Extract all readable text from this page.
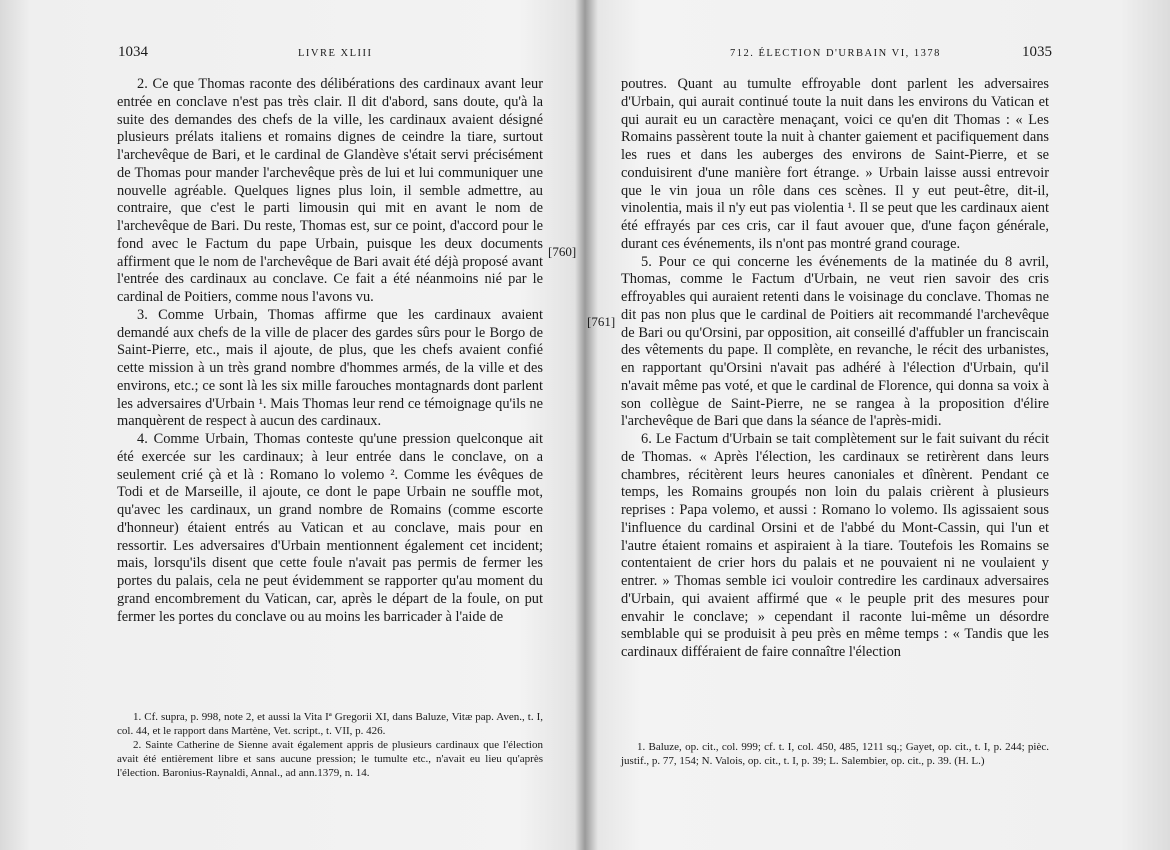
1034	LIVRE XLIII

2. Ce que Thomas raconte des délibérations des cardinaux avant leur entrée en conclave n'est pas très clair. Il dit d'abord, sans doute, qu'à la suite des demandes des chefs de la ville, les cardinaux avaient désigné plusieurs prélats italiens et romains dignes de ceindre la tiare, surtout l'archevêque de Bari, et le cardinal de Glandève s'était servi précisément de Thomas pour mander l'archevêque près de lui et lui communiquer une nouvelle agréable. Quelques lignes plus loin, il semble admettre, au contraire, que c'est le parti limousin qui mit en avant le nom de l'archevêque de Bari. Du reste, Thomas est, sur ce point, d'accord pour le fond avec le Factum du pape Urbain, puisque les deux documents affirment que le nom de l'archevêque de Bari avait été déjà proposé avant l'entrée des cardinaux au conclave. Ce fait a été néanmoins nié par le cardinal de Poitiers, comme nous l'avons vu.

3. Comme Urbain, Thomas affirme que les cardinaux avaient demandé aux chefs de la ville de placer des gardes sûrs pour le Borgo de Saint-Pierre, etc., mais il ajoute, de plus, que les chefs avaient confié cette mission à un très grand nombre d'hommes armés, de la ville et des environs, etc.; ce sont là les six mille farouches montagnards dont parlent les adversaires d'Urbain ¹. Mais Thomas leur rend ce témoignage qu'ils ne manquèrent de respect à aucun des cardinaux.

4. Comme Urbain, Thomas conteste qu'une pression quelconque ait été exercée sur les cardinaux; à leur entrée dans le conclave, on a seulement crié çà et là : Romano lo volemo ². Comme les évêques de Todi et de Marseille, il ajoute, ce dont le pape Urbain ne souffle mot, qu'avec les cardinaux, un grand nombre de Romains (comme escorte d'honneur) étaient entrés au Vatican et au conclave, mais pour en ressortir. Les adversaires d'Urbain mentionnent également cet incident; mais, lorsqu'ils disent que cette foule n'avait pas permis de fermer les portes du palais, cela ne peut évidemment se rapporter qu'au moment du grand encombrement du Vatican, car, après le départ de la foule, on put fermer les portes du conclave ou au moins les barricader à l'aide de

[760]

1. Cf. supra, p. 998, note 2, et aussi la Vita Iª Gregorii XI, dans Baluze, Vitæ pap. Aven., t. I, col. 44, et le rapport dans Martène, Vet. script., t. VII, p. 426.

2. Sainte Catherine de Sienne avait également appris de plusieurs cardinaux que l'élection avait été entièrement libre et sans aucune pression; le tumulte etc., n'avait eu lieu qu'après l'élection. Baronius-Raynaldi, Annal., ad ann.1379, n. 14.

712. ÉLECTION D'URBAIN VI, 1378	1035

poutres. Quant au tumulte effroyable dont parlent les adversaires d'Urbain, qui aurait continué toute la nuit dans les environs du Vatican et qui aurait eu un caractère menaçant, voici ce qu'en dit Thomas : « Les Romains passèrent toute la nuit à chanter gaiement et pacifiquement dans les rues et dans les auberges des environs de Saint-Pierre, et se conduisirent d'une manière fort étrange. » Urbain laisse aussi entrevoir que le vin joua un rôle dans ces scènes. Il y eut peut-être, dit-il, vinolentia, mais il n'y eut pas violentia ¹. Il se peut que les cardinaux aient été effrayés par ces cris, car il faut avouer que, d'une façon générale, durant ces événements, ils n'ont pas montré grand courage.

5. Pour ce qui concerne les événements de la matinée du 8 avril, Thomas, comme le Factum d'Urbain, ne veut rien savoir des cris effroyables qui auraient retenti dans le voisinage du conclave. Thomas ne dit pas non plus que le cardinal de Poitiers ait recommandé l'archevêque de Bari ou qu'Orsini, par opposition, ait conseillé d'affubler un franciscain des vêtements du pape. Il complète, en revanche, le récit des urbanistes, en rapportant qu'Orsini n'avait pas adhéré à l'élection d'Urbain, qu'il n'avait même pas voté, et que le cardinal de Florence, qui donna sa voix à son collègue de Saint-Pierre, ne se rangea à la proposition d'élire l'archevêque de Bari que dans la séance de l'après-midi.

6. Le Factum d'Urbain se tait complètement sur le fait suivant du récit de Thomas. « Après l'élection, les cardinaux se retirèrent dans leurs chambres, récitèrent leurs heures canoniales et dînèrent. Pendant ce temps, les Romains groupés non loin du palais crièrent à plusieurs reprises : Papa volemo, et aussi : Romano lo volemo. Ils agissaient sous l'influence du cardinal Orsini et de l'abbé du Mont-Cassin, qui l'un et l'autre étaient romains et aspiraient à la tiare. Toutefois les Romains se contentaient de crier hors du palais et ne pouvaient ni ne voulaient y entrer. » Thomas semble ici vouloir contredire les cardinaux adversaires d'Urbain, qui avaient affirmé que « le peuple prit des mesures pour envahir le conclave; » cependant il raconte lui-même un désordre semblable qui se produisit à peu près en même temps : « Tandis que les cardinaux différaient de faire connaître l'élection

[761]

1. Baluze, op. cit., col. 999; cf. t. I, col. 450, 485, 1211 sq.; Gayet, op. cit., t. I, p. 244; pièc. justif., p. 77, 154; N. Valois, op. cit., t. I, p. 39; L. Salembier, op. cit., p. 39. (H. L.)
